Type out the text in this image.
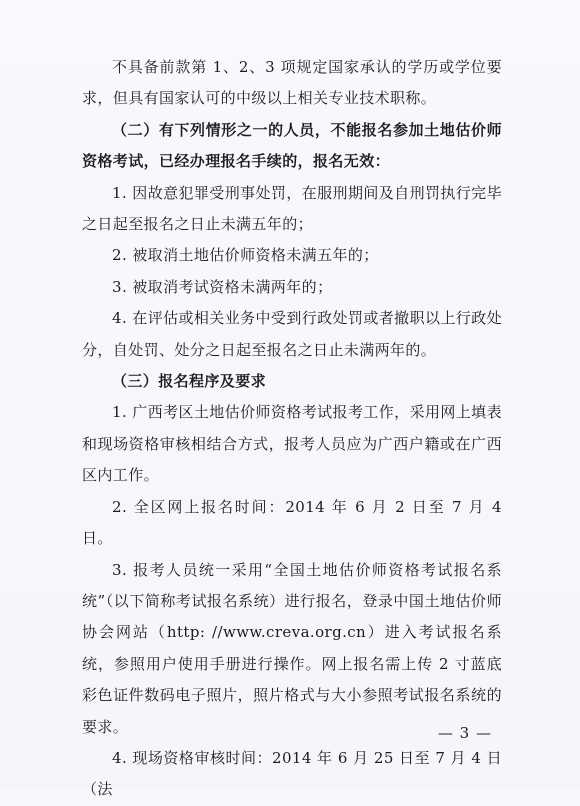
不具备前款第 1、2、3 项规定国家承认的学历或学位要求，但具有国家认可的中级以上相关专业技术职称。

（二）有下列情形之一的人员，不能报名参加土地估价师资格考试，已经办理报名手续的，报名无效：

1. 因故意犯罪受刑事处罚，在服刑期间及自刑罚执行完毕之日起至报名之日止未满五年的；

2. 被取消土地估价师资格未满五年的；

3. 被取消考试资格未满两年的；

4. 在评估或相关业务中受到行政处罚或者撤职以上行政处分，自处罚、处分之日起至报名之日止未满两年的。

（三）报名程序及要求

1. 广西考区土地估价师资格考试报考工作，采用网上填表和现场资格审核相结合方式，报考人员应为广西户籍或在广西区内工作。

2. 全区网上报名时间：2014 年 6 月 2 日至 7 月 4 日。

3. 报考人员统一采用“全国土地估价师资格考试报名系统”（以下简称考试报名系统）进行报名，登录中国土地估价师协会网站（http: //www.creva.org.cn）进入考试报名系统，参照用户使用手册进行操作。网上报名需上传 2 寸蓝底彩色证件数码电子照片，照片格式与大小参照考试报名系统的要求。

4. 现场资格审核时间：2014 年 6 月 25 日至 7 月 4 日（法

— 3 —
